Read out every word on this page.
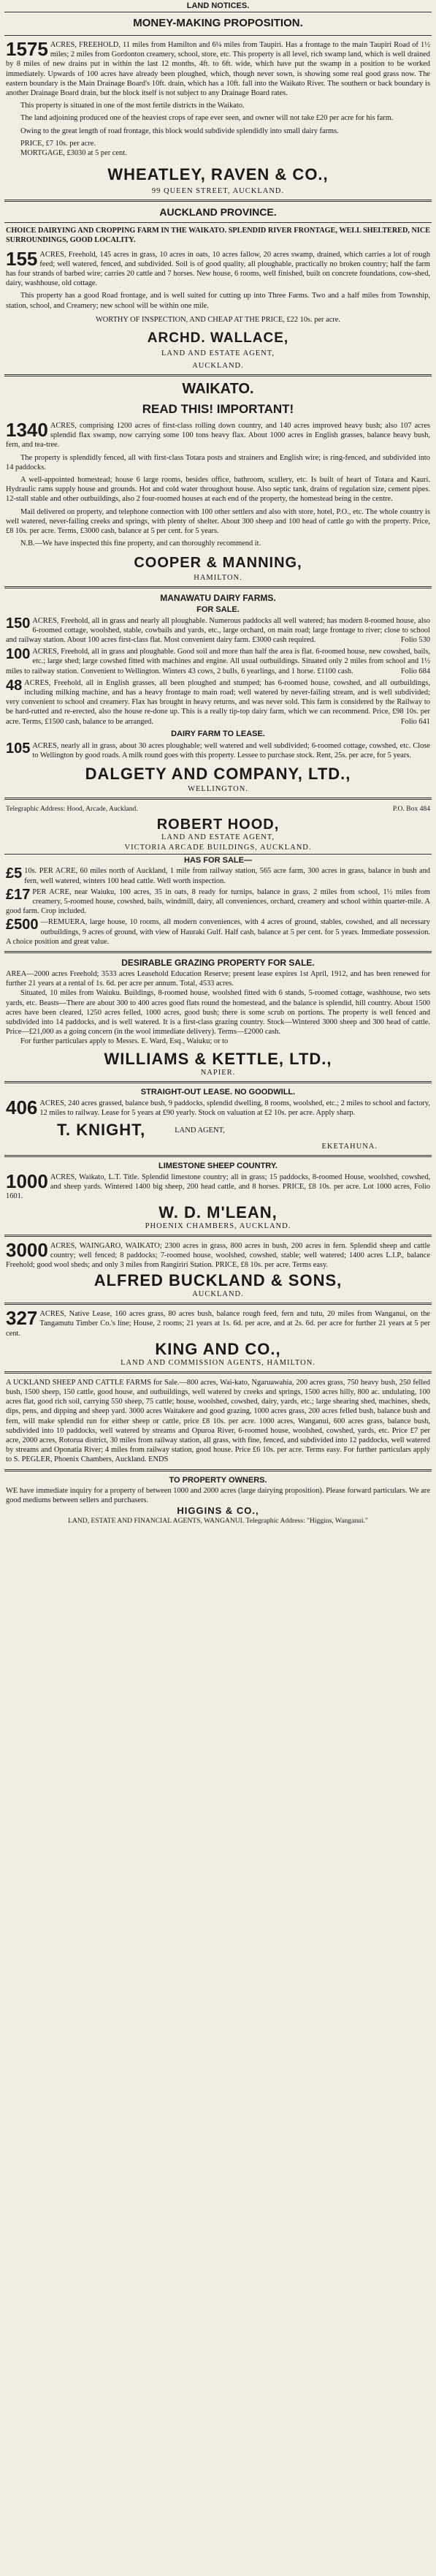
LAND NOTICES.
MONEY-MAKING PROPOSITION.

1575 ACRES, FREEHOLD, 11 miles from Hamilton and 6¼ miles from Taupiri. Has a frontage to the main Taupiri Road of 1½ miles; 2 miles from Gordonton creamery, school, store, etc. This property is all level, rich swamp land, which is well drained by 8 miles of new drains put in within the last 12 months, 4ft. to 6ft. wide, which have put the swamp in a position to be worked immediately. Upwards of 100 acres have already been ploughed, which, though never sown, is showing some real good grass now. The eastern boundary is the Main Drainage Board's 10ft. drain, which has a 10ft. fall into the Waikato River. The southern or back boundary is another Drainage Board drain, but the block itself is not subject to any Drainage Board rates.

This property is situated in one of the most fertile districts in the Waikato.

The land adjoining produced one of the heaviest crops of rape ever seen, and owner will not take £20 per acre for his farm.

Owing to the great length of road frontage, this block would subdivide splendidly into small dairy farms.

PRICE, £7 10s. per acre.

MORTGAGE, £3030 at 5 per cent.

WHEATLEY, RAVEN & CO.,
99 QUEEN STREET, AUCKLAND.
AUCKLAND PROVINCE.

CHOICE DAIRYING AND CROPPING FARM IN THE WAIKATO. SPLENDID RIVER FRONTAGE, WELL SHELTERED, NICE SURROUNDINGS, GOOD LOCALITY.

155 ACRES, Freehold, 145 acres in grass, 10 acres in oats, 10 acres fallow, 20 acres swamp, drained, which carries a lot of rough feed; well watered, fenced, and subdivided. Soil is of good quality, all ploughable, practically no broken country; half the farm has four strands of barbed wire; carries 20 cattle and 7 horses. New house, 6 rooms, well finished, built on concrete foundations, cow-shed, dairy, washhouse, old cottage.

This property has a good Road frontage, and is well suited for cutting up into Three Farms. Two and a half miles from Township, station, school, and Creamery; new school will be within one mile.

WORTHY OF INSPECTION, AND CHEAP AT THE PRICE, £22 10s. per acre.

ARCHD. WALLACE,
LAND AND ESTATE AGENT,
AUCKLAND.
WAIKATO.
READ THIS! IMPORTANT!

1340 ACRES, comprising 1200 acres of first-class rolling down country, and 140 acres improved heavy bush; also 107 acres splendid flax swamp, now carrying some 100 tons heavy flax. About 1000 acres in English grasses, balance heavy bush, fern, and tea-tree.

The property is splendidly fenced, all with first-class Totara posts and strainers and English wire; is ring-fenced, and subdivided into 14 paddocks.

A well-appointed homestead; house 6 large rooms, besides office, bathroom, scullery, etc. Is built of heart of Totara and Kauri. Hydraulic rams supply house and grounds. Hot and cold water throughout house. Also septic tank, drains of regulation size, cement pipes. 12-stall stable and other outbuildings, also 2 four-roomed houses at each end of the property, the homestead being in the centre.

Mail delivered on property, and telephone connection with 100 other settlers and also with store, hotel, P.O., etc. The whole country is well watered, never-failing creeks and springs, with plenty of shelter. About 300 sheep and 100 head of cattle go with the property. Price, £8 10s. per acre. Terms, £3000 cash, balance at 5 per cent. for 5 years.

N.B.—We have inspected this fine property, and can thoroughly recommend it.

COOPER & MANNING,
HAMILTON.
MANAWATU DAIRY FARMS.
FOR SALE.

150 ACRES, Freehold, all in grass and nearly all ploughable. Numerous paddocks all well watered; has modern 8-roomed house, also 6-roomed cottage, woolshed, stable, cowbails and yards, etc., large orchard, on main road; large frontage to river; close to school and railway station. About 100 acres first-class flat. Most convenient dairy farm. £3000 cash required.	Folio 530

100 ACRES, Freehold, all in grass and ploughable. Good soil and more than half the area is flat. 6-roomed house, new cowshed, bails, etc.; large shed; large cowshed fitted with machines and engine. All usual outbuildings. Situated only 2 miles from school and 1½ miles to railway station. Convenient to Wellington. Winters 43 cows, 2 bulls, 6 yearlings, and 1 horse. £1100 cash.	Folio 684

48 ACRES, Freehold, all in English grasses, all been ploughed and stumped; has 6-roomed house, cowshed, and all outbuildings, including milking machine, and has a heavy frontage to main road; well watered by never-failing stream, and is well subdivided; very convenient to school and creamery. Flax has brought in heavy returns, and was never sold. This farm is considered by the Railway to be hard-rutted and re-erected, also the house re-done up. This is a really tip-top dairy farm, which we can recommend. Price, £98 10s. per acre. Terms, £1500 cash, balance to be arranged.	Folio 641

DAIRY FARM TO LEASE.

105 ACRES, nearly all in grass, about 30 acres ploughable; well watered and well subdivided; 6-roomed cottage, cowshed, etc. Close to Wellington by good roads. A milk round goes with this property. Lessee to purchase stock. Rent, 25s. per acre, for 5 years.

DALGETY AND COMPANY, LTD.,
WELLINGTON.

Telegraphic Address: Hood, Arcade, Auckland.	P.O. Box 484

ROBERT HOOD,
LAND AND ESTATE AGENT,
VICTORIA ARCADE BUILDINGS, AUCKLAND.
HAS FOR SALE—

£5 10s. PER ACRE, 60 miles north of Auckland, 1 mile from railway station, 565 acre farm, 300 acres in grass, balance in bush and fern, well watered, winters 100 head cattle. Well worth inspection.

£17 PER ACRE, near Waiuku, 100 acres, 35 in oats, 8 ready for turnips, balance in grass, 2 miles from school, 1½ miles from creamery, 5-roomed house, cowshed, bails, windmill, dairy, all conveniences, orchard, creamery and school within quarter-mile. A good farm. Crop included.

£500 —REMUERA, large house, 10 rooms, all modern conveniences, with 4 acres of ground, stables, cowshed, and all necessary outbuildings, 9 acres of ground, with view of Hauraki Gulf. Half cash, balance at 5 per cent. for 5 years. Immediate possession. A choice position and great value.

DESIRABLE GRAZING PROPERTY FOR SALE.

AREA—2000 acres Freehold; 3533 acres Leasehold Education Reserve; present lease expires 1st April, 1912, and has been renewed for further 21 years at a rental of 1s. 6d. per acre per annum. Total, 4533 acres.

Situated, 10 miles from Waiuku. Buildings, 8-roomed house, woolshed fitted with 6 stands, 5-roomed cottage, washhouse, two sets yards, etc. Beasts—There are about 300 to 400 acres good flats round the homestead, and the balance is splendid, hill country. About 1500 acres have been cleared, 1250 acres felled, 1000 acres, good bush; there is some scrub on portions. The property is well fenced and subdivided into 14 paddocks, and is well watered. It is a first-class grazing country. Stock—Wintered 3000 sheep and 300 head of cattle. Price—£21,000 as a going concern (in the wool immediate delivery). Terms—£2000 cash.

For further particulars apply to Messrs. E. Ward, Esq., Waiuku; or to

WILLIAMS & KETTLE, LTD.,
NAPIER.
STRAIGHT-OUT LEASE. NO GOODWILL.

406 ACRES, 240 acres grassed, balance bush, 9 paddocks, splendid dwelling, 8 rooms, woolshed, etc.; 2 miles to school and factory, 12 miles to railway. Lease for 5 years at £90 yearly. Stock on valuation at £2 10s. per acre. Apply sharp.

T. KNIGHT,	LAND AGENT,
EKETAHUNA.
LIMESTONE SHEEP COUNTRY.

1000 ACRES, Waikato, L.T. Title. Splendid limestone country; all in grass; 15 paddocks, 8-roomed House, woolshed, cowshed, and sheep yards. Wintered 1400 big sheep, 200 head cattle, and 8 horses. PRICE, £8 10s. per acre. Lot 1000 acres, Folio 1601.

W. D. M'LEAN,
PHOENIX CHAMBERS, AUCKLAND.

3000 ACRES, WAINGARO, WAIKATO; 2300 acres in grass, 800 acres in bush, 200 acres in fern. Splendid sheep and cattle country; well fenced; 8 paddocks; 7-roomed house, woolshed, cowshed, stable; well watered; 1400 acres L.I.P., balance Freehold; good wool sheds; and only 3 miles from Rangiriri Station. PRICE, £8 10s. per acre. Terms easy.

ALFRED BUCKLAND & SONS,
AUCKLAND.

327 ACRES, Native Lease, 160 acres grass, 80 acres bush, balance rough feed, fern and tutu, 20 miles from Wanganui, on the Tangamutu Timber Co.'s line; House, 2 rooms; 21 years at 1s. 6d. per acre, and at 2s. 6d. per acre for further 21 years at 5 per cent.

KING AND CO.,
LAND AND COMMISSION AGENTS, HAMILTON.

A UCKLAND SHEEP AND CATTLE FARMS for Sale.—800 acres, Wai-kato, Ngaruawahia, 200 acres grass, 750 heavy bush, 250 felled bush, 1500 sheep, 150 cattle, good house, and outbuildings, well watered by creeks and springs, 1500 acres hilly, 800 ac. undulating, 100 acres flat, good rich soil, carrying 550 sheep, 75 cattle; house, woolshed, cowshed, dairy, yards, etc.; large shearing shed, machines, sheds, dips, pens, and dipping and sheep yard. 3000 acres Waitakere and good grazing, 1000 acres grass, 200 acres felled bush, balance bush and fern, will make splendid run for either sheep or cattle, price £8 10s. per acre. 1000 acres, Wanganui, 600 acres grass, balance bush, subdivided into 10 paddocks, well watered by streams and Opuroa River, 6-roomed house, woolshed, cowshed, yards, etc. Price £7 per acre, 2000 acres, Rotorua district, 30 miles from railway station, all grass, with fine, fenced, and subdivided into 12 paddocks, well watered by streams and Oponatia River; 4 miles from railway station, good house. Price £6 10s. per acre. Terms easy. For further particulars apply to S. PEGLER, Phoenix Chambers, Auckland. ENDS

TO PROPERTY OWNERS.

WE have immediate inquiry for a property of between 1000 and 2000 acres (large dairying proposition). Please forward particulars. We are good mediums between sellers and purchasers.

HIGGINS & CO.,

LAND, ESTATE AND FINANCIAL AGENTS, WANGANUI. Telegraphic Address: "Higgins, Wanganui."
